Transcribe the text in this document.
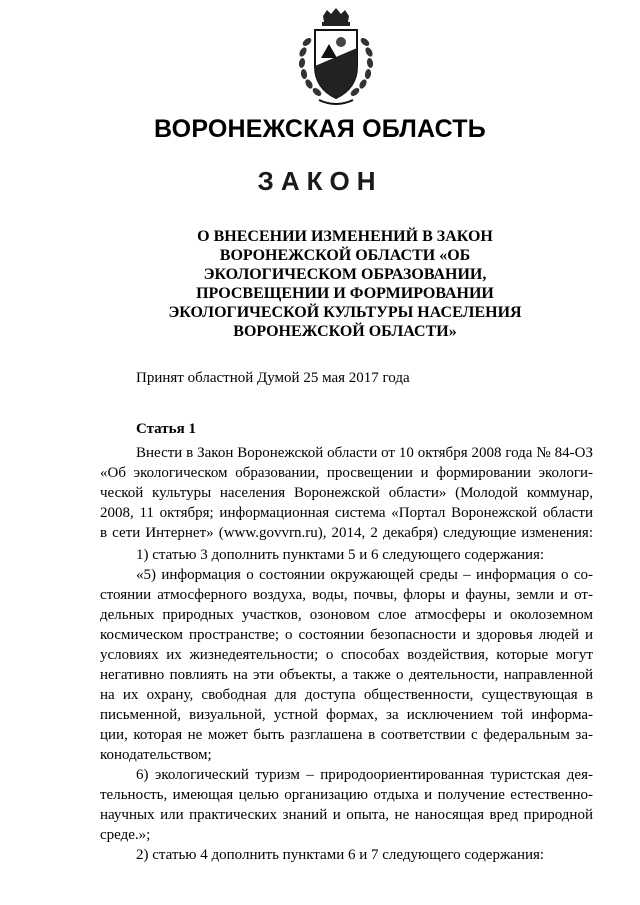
ВОРОНЕЖСКАЯ ОБЛАСТЬ
ЗАКОН
О ВНЕСЕНИИ ИЗМЕНЕНИЙ В ЗАКОН
ВОРОНЕЖСКОЙ ОБЛАСТИ «ОБ
ЭКОЛОГИЧЕСКОМ ОБРАЗОВАНИИ,
ПРОСВЕЩЕНИИ И ФОРМИРОВАНИИ
ЭКОЛОГИЧЕСКОЙ КУЛЬТУРЫ НАСЕЛЕНИЯ
ВОРОНЕЖСКОЙ ОБЛАСТИ»
Принят областной Думой 25 мая 2017 года
Статья 1
Внести в Закон Воронежской области от 10 октября 2008 года № 84-ОЗ
«Об экологическом образовании, просвещении и формировании экологи-
ческой культуры населения Воронежской области» (Молодой коммунар,
2008, 11 октября; информационная система «Портал Воронежской области
в сети Интернет» (www.govvrn.ru), 2014, 2 декабря) следующие изменения:
1) статью 3 дополнить пунктами 5 и 6 следующего содержания:
«5) информация о состоянии окружающей среды – информация о со-
стоянии атмосферного воздуха, воды, почвы, флоры и фауны, земли и от-
дельных природных участков, озоновом слое атмосферы и околоземном
космическом пространстве; о состоянии безопасности и здоровья людей и
условиях их жизнедеятельности; о способах воздействия, которые могут
негативно повлиять на эти объекты, а также о деятельности, направленной
на их охрану, свободная для доступа общественности, существующая в
письменной, визуальной, устной формах, за исключением той информа-
ции, которая не может быть разглашена в соответствии с федеральным за-
конодательством;
6) экологический туризм – природоориентированная туристская дея-
тельность, имеющая целью организацию отдыха и получение естественно-
научных или практических знаний и опыта, не наносящая вред природной
среде.»;
2) статью 4 дополнить пунктами 6 и 7 следующего содержания:
